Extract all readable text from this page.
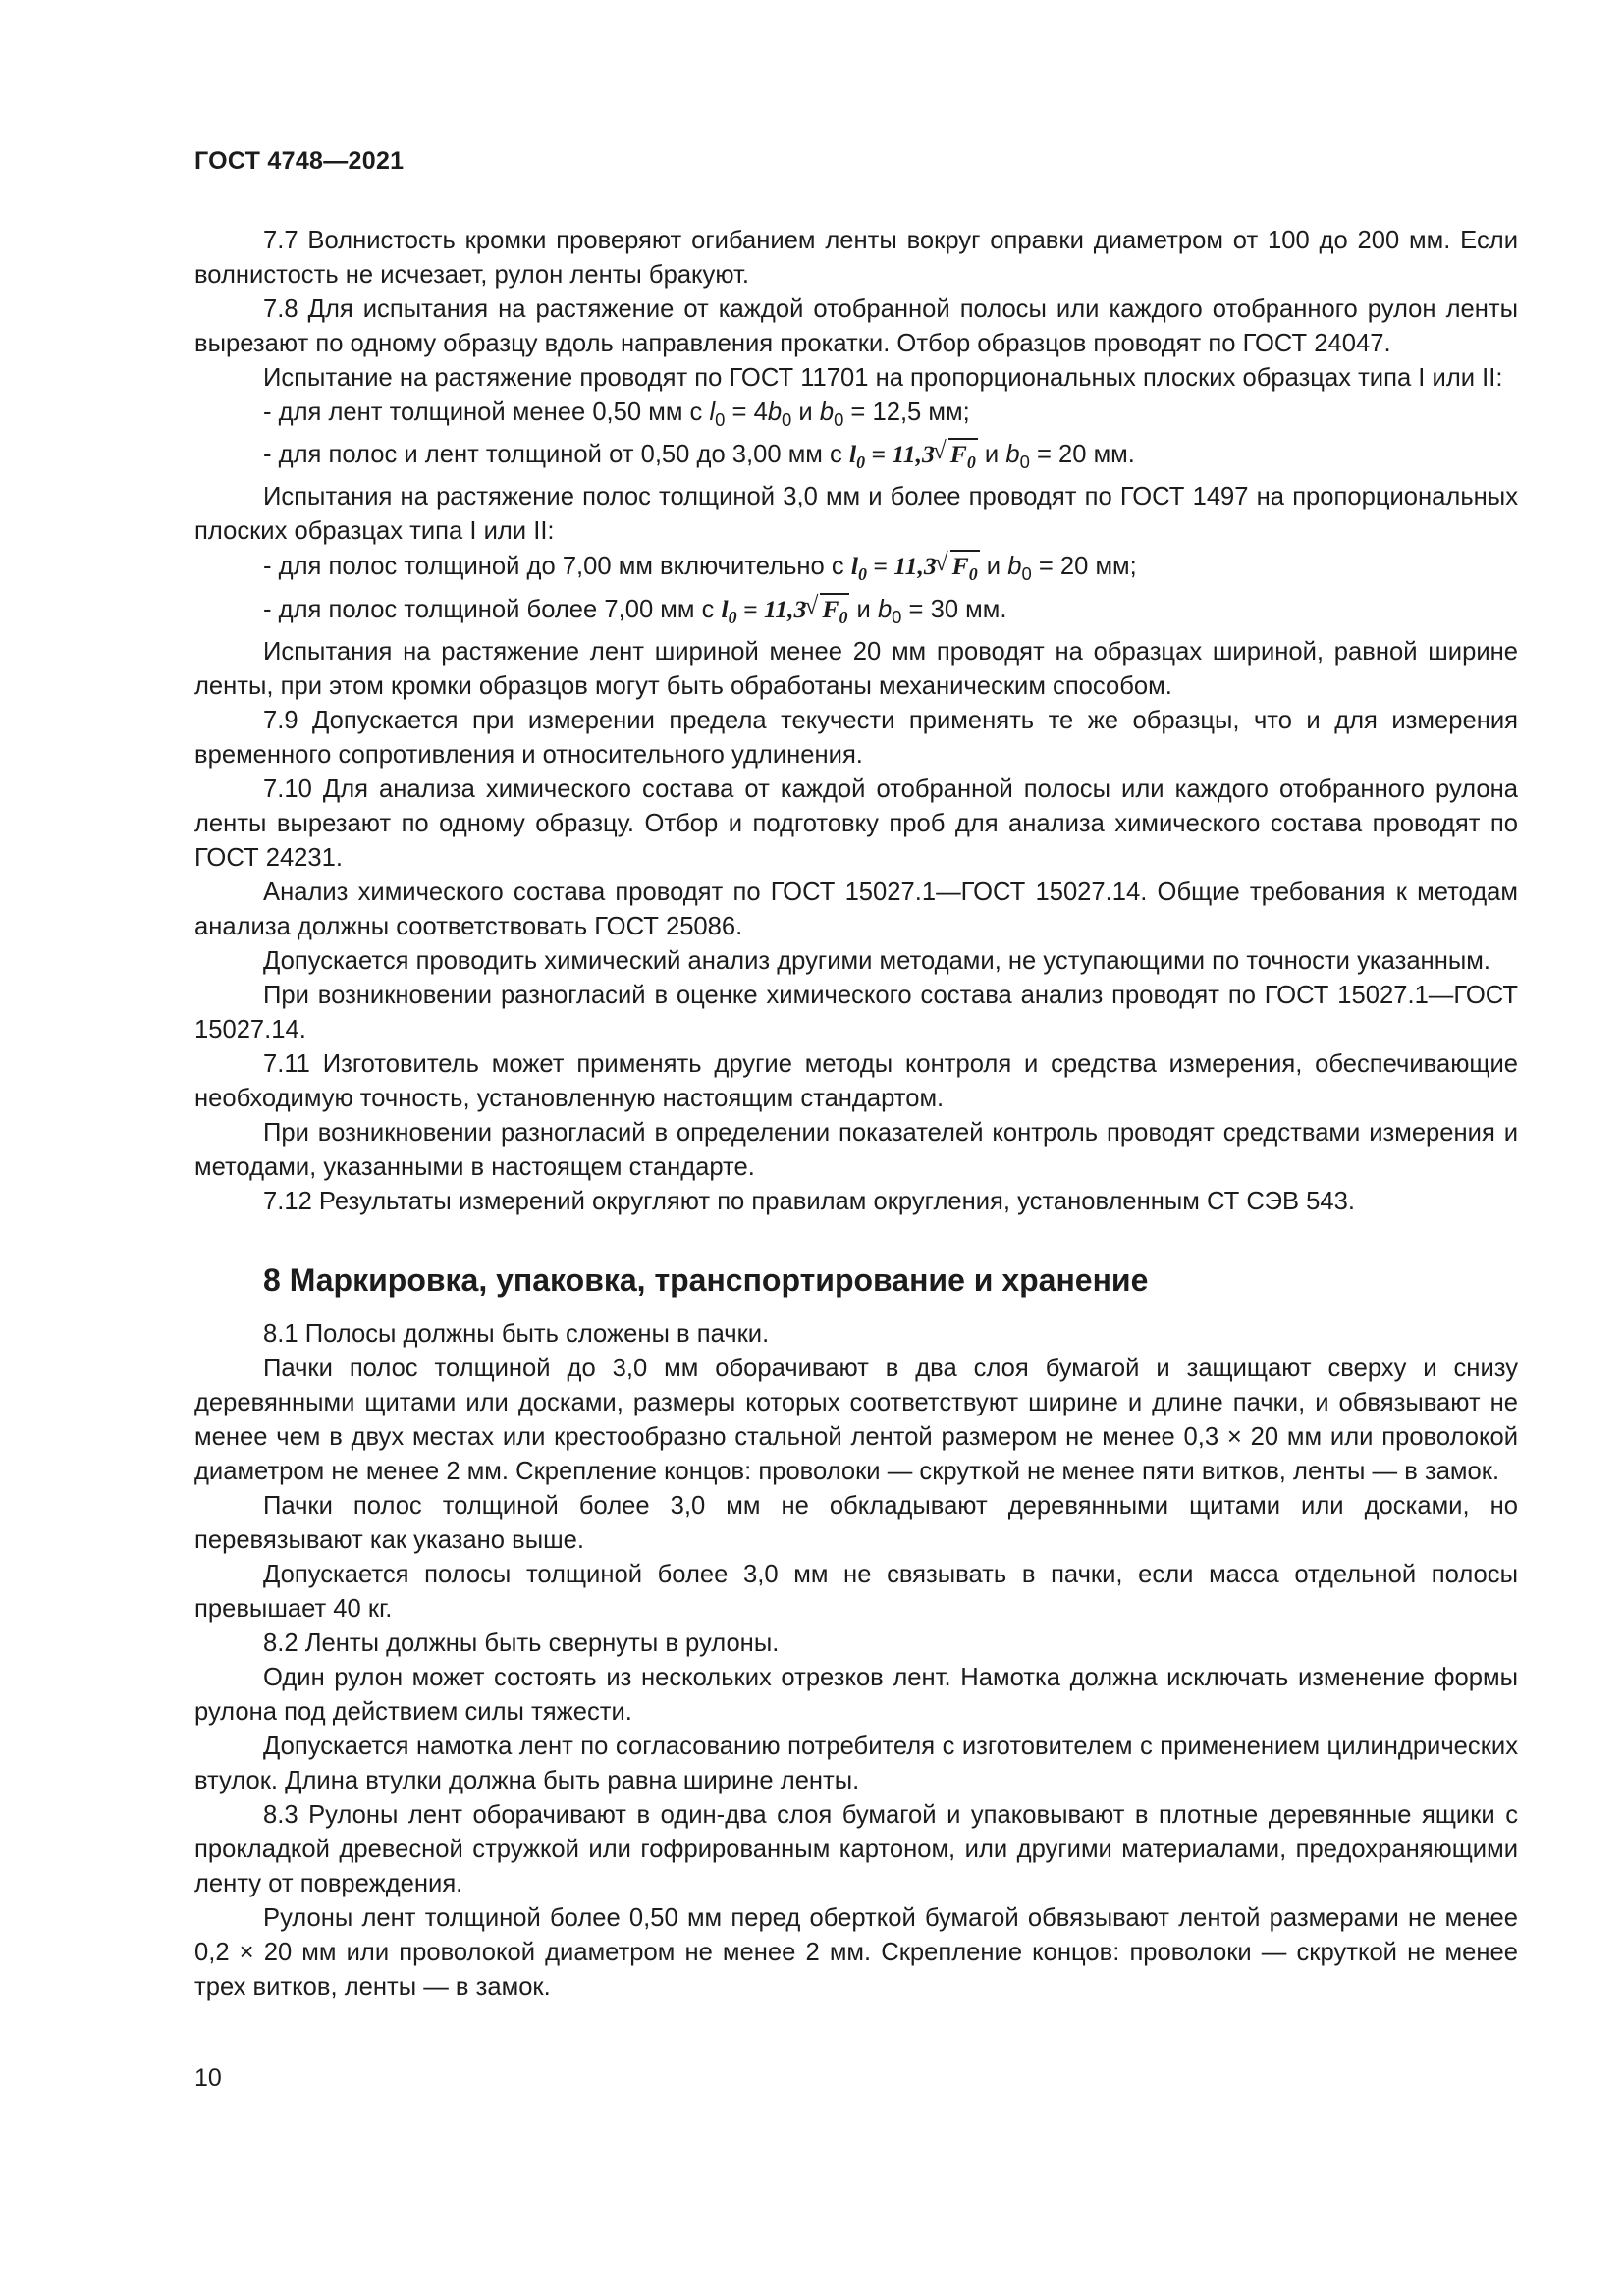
ГОСТ 4748—2021

7.7 Волнистость кромки проверяют огибанием ленты вокруг оправки диаметром от 100 до 200 мм. Если волнистость не исчезает, рулон ленты бракуют.

7.8 Для испытания на растяжение от каждой отобранной полосы или каждого отобранного рулон ленты вырезают по одному образцу вдоль направления прокатки. Отбор образцов проводят по ГОСТ 24047.

Испытание на растяжение проводят по ГОСТ 11701 на пропорциональных плоских образцах типа I или II:

- для лент толщиной менее 0,50 мм с $l_0 = 4b_0$ и $b_0 = 12,5$ мм;

- для полос и лент толщиной от 0,50 до 3,00 мм с $l_0 = 11,3√$ $F_0$ и $b_0 = 20$ мм.

Испытания на растяжение полос толщиной 3,0 мм и более проводят по ГОСТ 1497 на пропорциональных плоских образцах типа I или II:

- для полос толщиной до 7,00 мм включительно с $l_0 = 11,3√$ $F_0$ и $b_0 = 20$ мм;

- для полос толщиной более 7,00 мм с $l_0 = 11,3√$ $F_0$ и $b_0 = 30$ мм.

Испытания на растяжение лент шириной менее 20 мм проводят на образцах шириной, равной ширине ленты, при этом кромки образцов могут быть обработаны механическим способом.

7.9 Допускается при измерении предела текучести применять те же образцы, что и для измерения временного сопротивления и относительного удлинения.

7.10 Для анализа химического состава от каждой отобранной полосы или каждого отобранного рулона ленты вырезают по одному образцу. Отбор и подготовку проб для анализа химического состава проводят по ГОСТ 24231.

Анализ химического состава проводят по ГОСТ 15027.1—ГОСТ 15027.14. Общие требования к методам анализа должны соответствовать ГОСТ 25086.

Допускается проводить химический анализ другими методами, не уступающими по точности указанным.

При возникновении разногласий в оценке химического состава анализ проводят по ГОСТ 15027.1—ГОСТ 15027.14.

7.11 Изготовитель может применять другие методы контроля и средства измерения, обеспечивающие необходимую точность, установленную настоящим стандартом.

При возникновении разногласий в определении показателей контроль проводят средствами измерения и методами, указанными в настоящем стандарте.

7.12 Результаты измерений округляют по правилам округления, установленным СТ СЭВ 543.

8 Маркировка, упаковка, транспортирование и хранение

8.1 Полосы должны быть сложены в пачки.

Пачки полос толщиной до 3,0 мм оборачивают в два слоя бумагой и защищают сверху и снизу деревянными щитами или досками, размеры которых соответствуют ширине и длине пачки, и обвязывают не менее чем в двух местах или крестообразно стальной лентой размером не менее 0,3 × 20 мм или проволокой диаметром не менее 2 мм. Скрепление концов: проволоки — скруткой не менее пяти витков, ленты — в замок.

Пачки полос толщиной более 3,0 мм не обкладывают деревянными щитами или досками, но перевязывают как указано выше.

Допускается полосы толщиной более 3,0 мм не связывать в пачки, если масса отдельной полосы превышает 40 кг.

8.2 Ленты должны быть свернуты в рулоны.

Один рулон может состоять из нескольких отрезков лент. Намотка должна исключать изменение формы рулона под действием силы тяжести.

Допускается намотка лент по согласованию потребителя с изготовителем с применением цилиндрических втулок. Длина втулки должна быть равна ширине ленты.

8.3 Рулоны лент оборачивают в один-два слоя бумагой и упаковывают в плотные деревянные ящики с прокладкой древесной стружкой или гофрированным картоном, или другими материалами, предохраняющими ленту от повреждения.

Рулоны лент толщиной более 0,50 мм перед оберткой бумагой обвязывают лентой размерами не менее 0,2 × 20 мм или проволокой диаметром не менее 2 мм. Скрепление концов: проволоки — скруткой не менее трех витков, ленты — в замок.

10
